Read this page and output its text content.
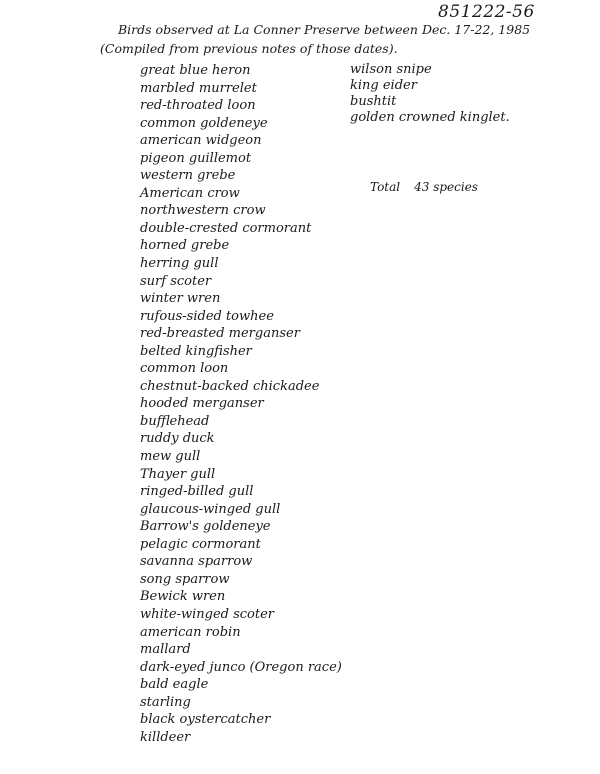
851222-56
Birds observed at La Conner Preserve between Dec. 17-22, 1985
(Compiled from previous notes of those dates).
great blue heron
marbled murrelet
red-throated loon
common goldeneye
american widgeon
pigeon guillemot
western grebe
American crow
northwestern crow
double-crested cormorant
horned grebe
herring gull
surf scoter
winter wren
rufous-sided towhee
red-breasted merganser
belted kingfisher
common loon
chestnut-backed chickadee
hooded merganser
bufflehead
ruddy duck
mew gull
Thayer gull
ringed-billed gull
glaucous-winged gull
Barrow's goldeneye
pelagic cormorant
savanna sparrow
song sparrow
Bewick wren
white-winged scoter
american robin
mallard
dark-eyed junco (Oregon race)
bald eagle
starling
black oystercatcher
killdeer
wilson snipe
king eider
bushtit
golden crowned kinglet.
Total 43 species
